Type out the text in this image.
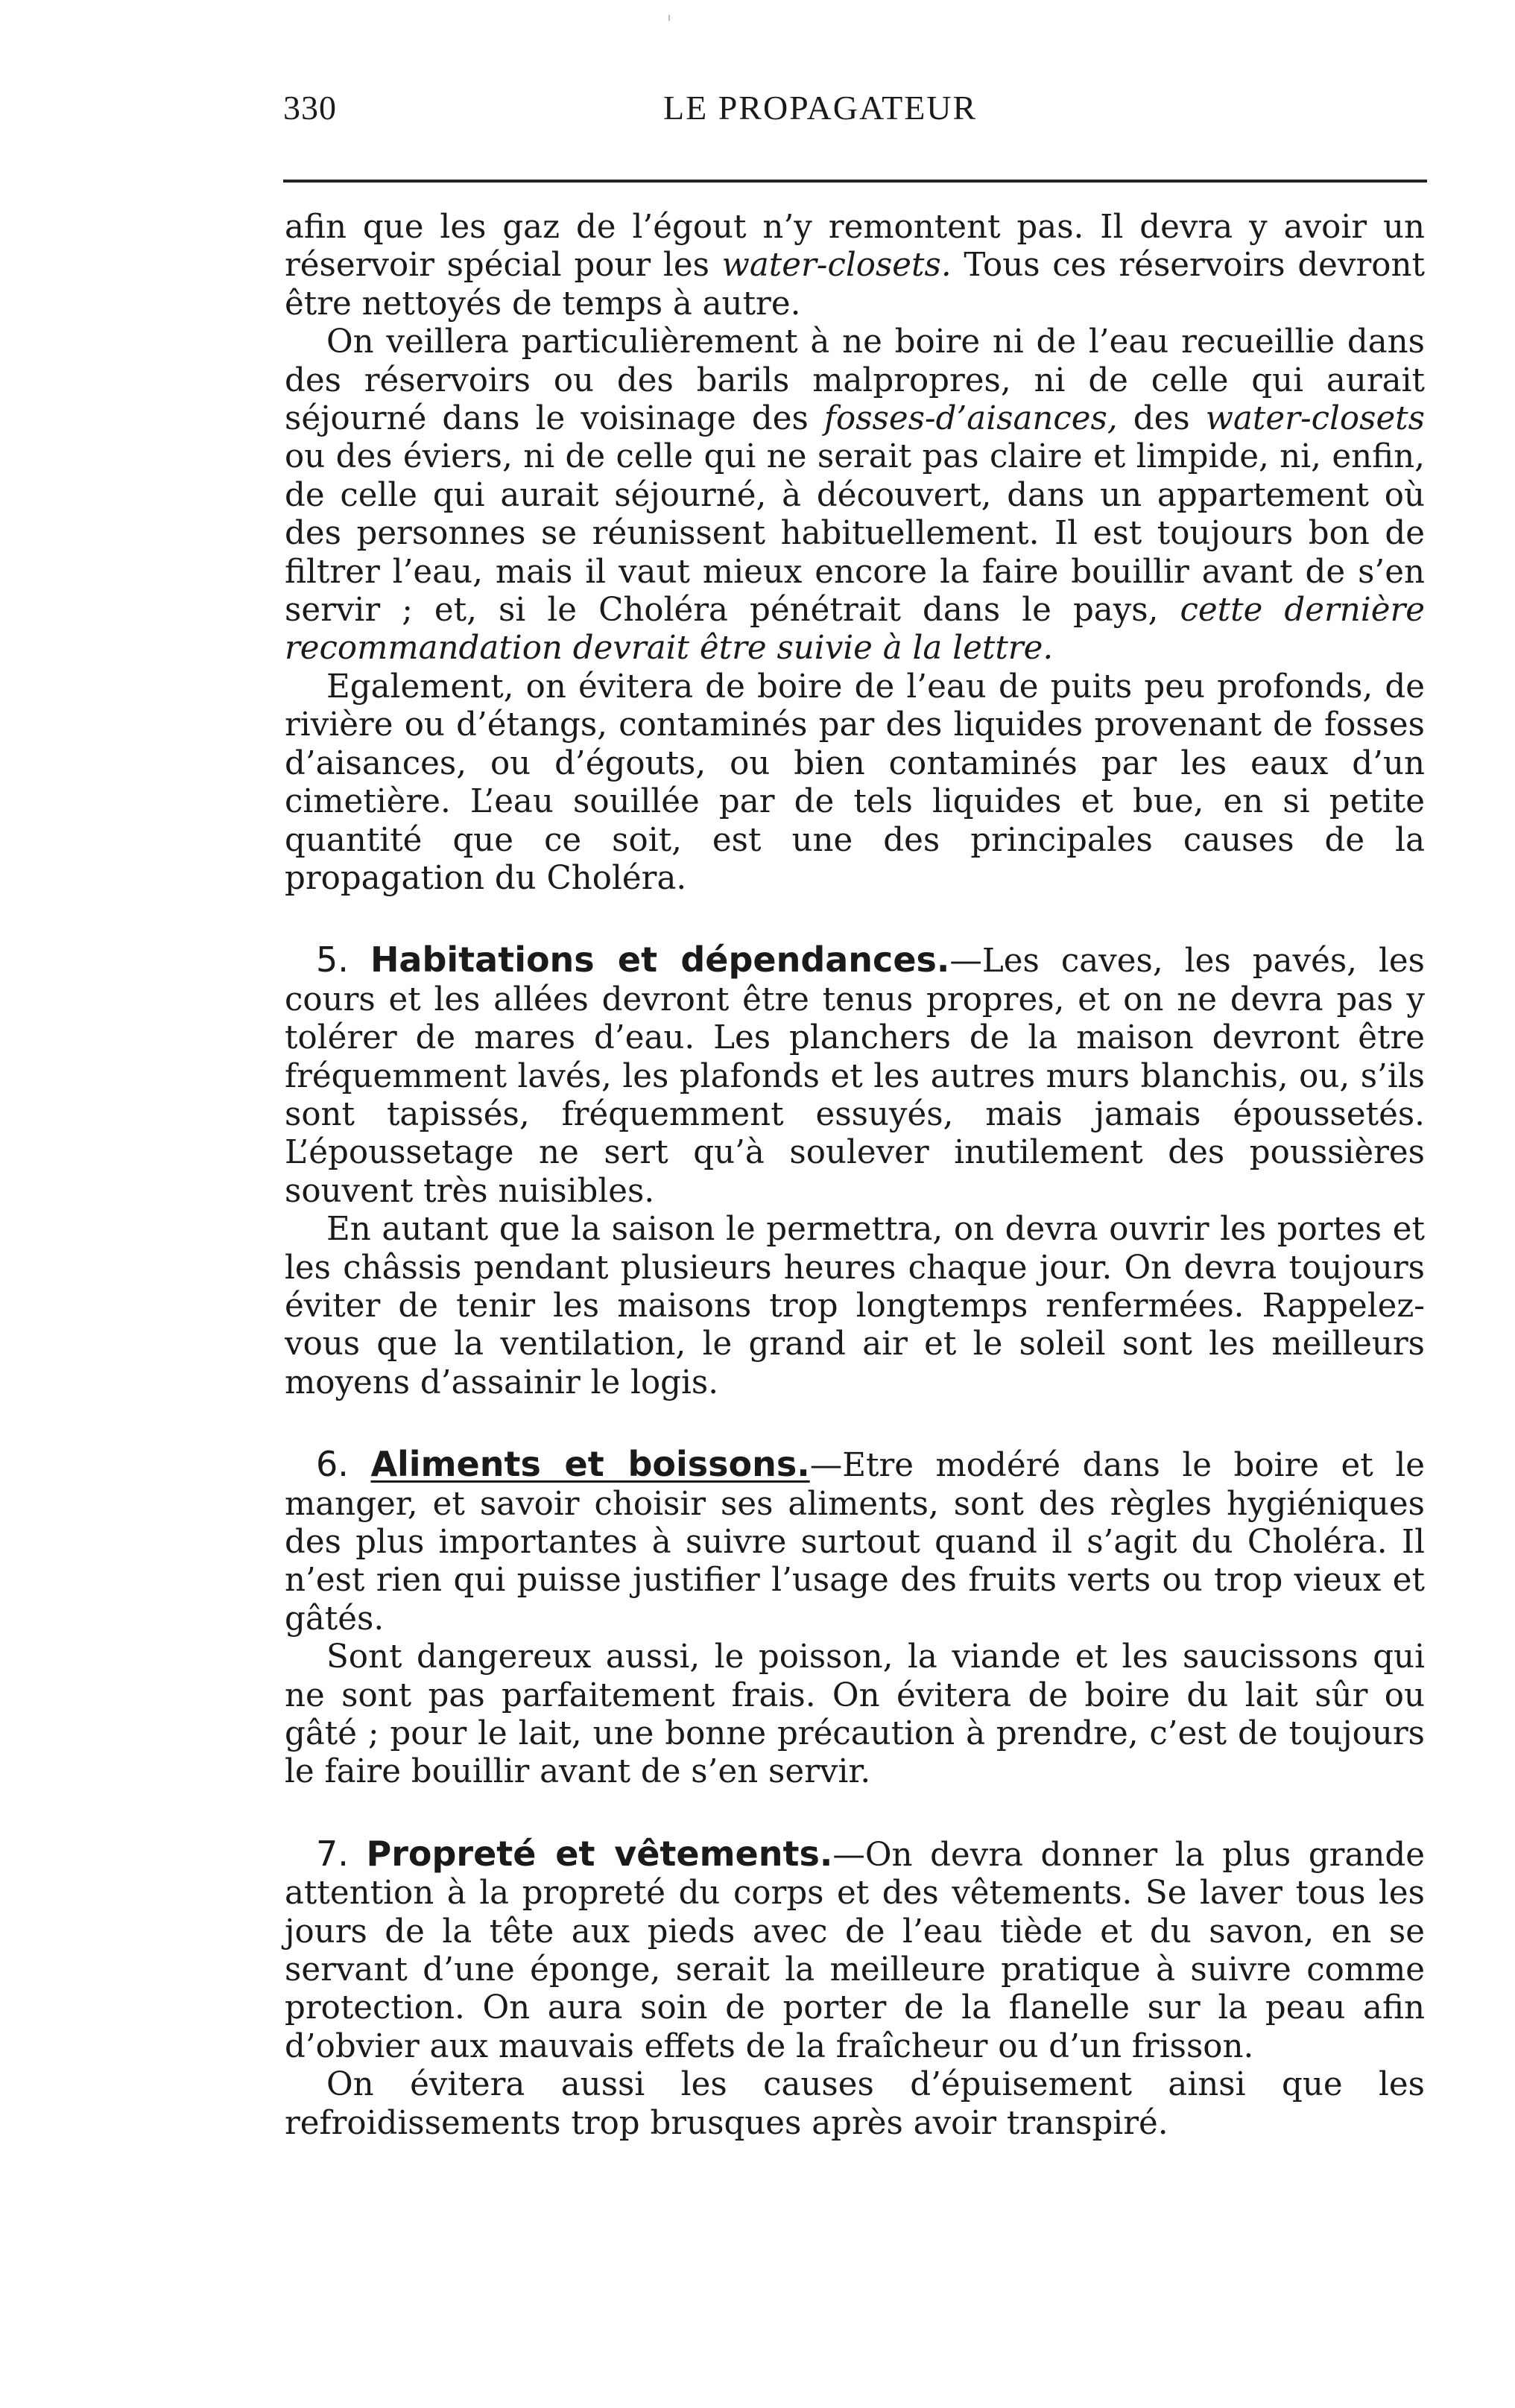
330	LE PROPAGATEUR

afin que les gaz de l’égout n’y remontent pas. Il devra y avoir un réservoir spécial pour les water-closets. Tous ces réservoirs devront être nettoyés de temps à autre.

On veillera particulièrement à ne boire ni de l’eau recueillie dans des réservoirs ou des barils malpropres, ni de celle qui aurait séjourné dans le voisinage des fosses-d’aisances, des water-closets ou des éviers, ni de celle qui ne serait pas claire et limpide, ni, enfin, de celle qui aurait séjourné, à découvert, dans un appartement où des personnes se réunissent habituellement. Il est toujours bon de filtrer l’eau, mais il vaut mieux encore la faire bouillir avant de s’en servir ; et, si le Choléra pénétrait dans le pays, cette dernière recommandation devrait être suivie à la lettre.

Egalement, on évitera de boire de l’eau de puits peu profonds, de rivière ou d’étangs, contaminés par des liquides provenant de fosses d’aisances, ou d’égouts, ou bien contaminés par les eaux d’un cimetière. L’eau souillée par de tels liquides et bue, en si petite quantité que ce soit, est une des principales causes de la propagation du Choléra.

5. Habitations et dépendances.—Les caves, les pavés, les cours et les allées devront être tenus propres, et on ne devra pas y tolérer de mares d’eau. Les planchers de la maison devront être fréquemment lavés, les plafonds et les autres murs blanchis, ou, s’ils sont tapissés, fréquemment essuyés, mais jamais époussetés. L’époussetage ne sert qu’à soulever inutilement des poussières souvent très nuisibles.

En autant que la saison le permettra, on devra ouvrir les portes et les châssis pendant plusieurs heures chaque jour. On devra toujours éviter de tenir les maisons trop longtemps renfermées. Rappelez-vous que la ventilation, le grand air et le soleil sont les meilleurs moyens d’assainir le logis.

6. Aliments et boissons.—Etre modéré dans le boire et le manger, et savoir choisir ses aliments, sont des règles hygiéniques des plus importantes à suivre surtout quand il s’agit du Choléra. Il n’est rien qui puisse justifier l’usage des fruits verts ou trop vieux et gâtés.

Sont dangereux aussi, le poisson, la viande et les saucissons qui ne sont pas parfaitement frais. On évitera de boire du lait sûr ou gâté ; pour le lait, une bonne précaution à prendre, c’est de toujours le faire bouillir avant de s’en servir.

7. Propreté et vêtements.—On devra donner la plus grande attention à la propreté du corps et des vêtements. Se laver tous les jours de la tête aux pieds avec de l’eau tiède et du savon, en se servant d’une éponge, serait la meilleure pratique à suivre comme protection. On aura soin de porter de la flanelle sur la peau afin d’obvier aux mauvais effets de la fraîcheur ou d’un frisson.

On évitera aussi les causes d’épuisement ainsi que les refroidissements trop brusques après avoir transpiré.
